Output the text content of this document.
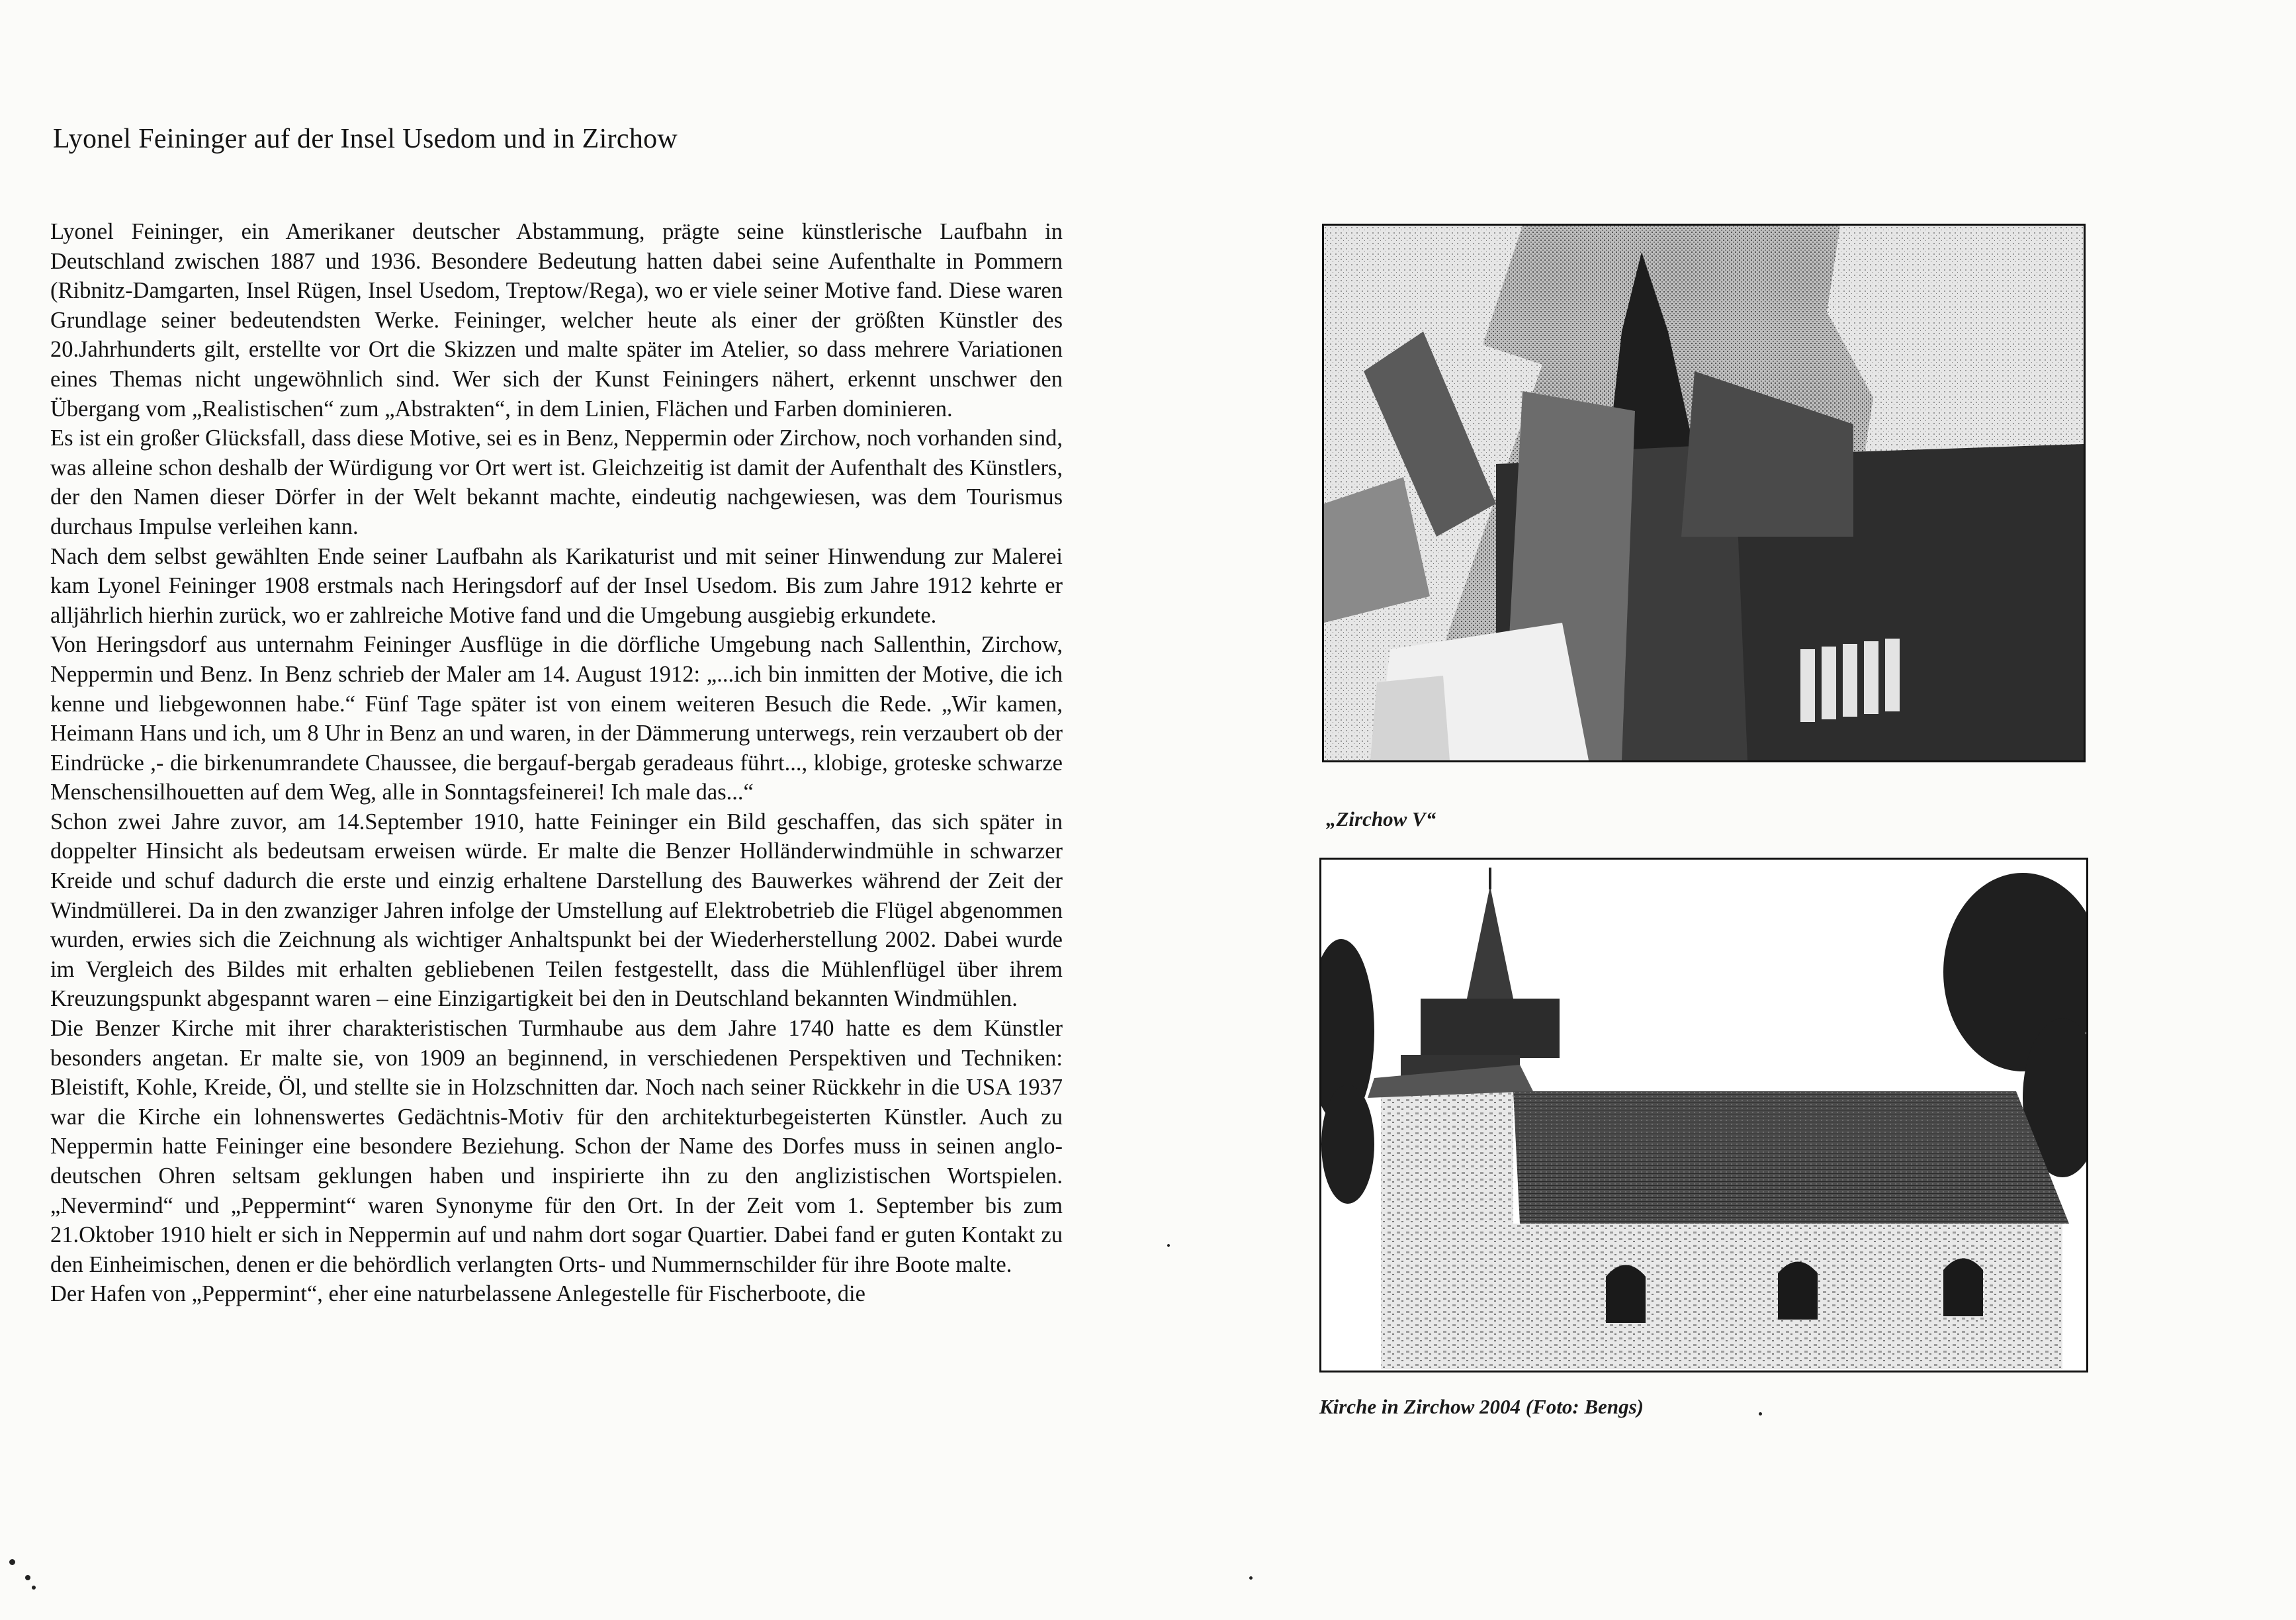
Lyonel Feininger auf der Insel Usedom und in Zirchow

Lyonel Feininger, ein Amerikaner deutscher Abstammung, prägte seine künstlerische Laufbahn in Deutschland zwischen 1887 und 1936. Besondere Bedeutung hatten dabei seine Aufenthalte in Pommern (Ribnitz-Damgarten, Insel Rügen, Insel Usedom, Treptow/Rega), wo er viele seiner Motive fand. Diese waren Grundlage seiner bedeutendsten Werke. Feininger, welcher heute als einer der größten Künstler des 20.Jahrhunderts gilt, erstellte vor Ort die Skizzen und malte später im Atelier, so dass mehrere Variationen eines Themas nicht ungewöhnlich sind. Wer sich der Kunst Feiningers nähert, erkennt unschwer den Übergang vom „Realistischen“ zum „Abstrakten“, in dem Linien, Flächen und Farben dominieren.

Es ist ein großer Glücksfall, dass diese Motive, sei es in Benz, Neppermin oder Zirchow, noch vorhanden sind, was alleine schon deshalb der Würdigung vor Ort wert ist. Gleichzeitig ist damit der Aufenthalt des Künstlers, der den Namen dieser Dörfer in der Welt bekannt machte, eindeutig nachgewiesen, was dem Tourismus durchaus Impulse verleihen kann.

Nach dem selbst gewählten Ende seiner Laufbahn als Karikaturist und mit seiner Hinwendung zur Malerei kam Lyonel Feininger 1908 erstmals nach Heringsdorf auf der Insel Usedom. Bis zum Jahre 1912 kehrte er alljährlich hierhin zurück, wo er zahlreiche Motive fand und die Umgebung ausgiebig erkundete.

Von Heringsdorf aus unternahm Feininger Ausflüge in die dörfliche Umgebung nach Sallenthin, Zirchow, Neppermin und Benz. In Benz schrieb der Maler am 14. August 1912: „...ich bin inmitten der Motive, die ich kenne und liebgewonnen habe.“ Fünf Tage später ist von einem weiteren Besuch die Rede. „Wir kamen, Heimann Hans und ich, um 8 Uhr in Benz an und waren, in der Dämmerung unterwegs, rein verzaubert ob der Eindrücke ,- die birkenumrandete Chaussee, die bergauf-bergab geradeaus führt..., klobige, groteske schwarze Menschensilhouetten auf dem Weg, alle in Sonntagsfeinerei! Ich male das...“

Schon zwei Jahre zuvor, am 14.September 1910, hatte Feininger ein Bild geschaffen, das sich später in doppelter Hinsicht als bedeutsam erweisen würde. Er malte die Benzer Holländerwindmühle in schwarzer Kreide und schuf dadurch die erste und einzig erhaltene Darstellung des Bauwerkes während der Zeit der Windmüllerei. Da in den zwanziger Jahren infolge der Umstellung auf Elektrobetrieb die Flügel abgenommen wurden, erwies sich die Zeichnung als wichtiger Anhaltspunkt bei der Wiederherstellung 2002. Dabei wurde im Vergleich des Bildes mit erhalten gebliebenen Teilen festgestellt, dass die Mühlenflügel über ihrem Kreuzungspunkt abgespannt waren – eine Einzigartigkeit bei den in Deutschland bekannten Windmühlen.

Die Benzer Kirche mit ihrer charakteristischen Turmhaube aus dem Jahre 1740 hatte es dem Künstler besonders angetan. Er malte sie, von 1909 an beginnend, in verschiedenen Perspektiven und Techniken: Bleistift, Kohle, Kreide, Öl, und stellte sie in Holzschnitten dar. Noch nach seiner Rückkehr in die USA 1937 war die Kirche ein lohnenswertes Gedächtnis-Motiv für den architekturbegeisterten Künstler. Auch zu Neppermin hatte Feininger eine besondere Beziehung. Schon der Name des Dorfes muss in seinen anglo-deutschen Ohren seltsam geklungen haben und inspirierte ihn zu den anglizistischen Wortspielen. „Nevermind“ und „Peppermint“ waren Synonyme für den Ort. In der Zeit vom 1. September bis zum 21.Oktober 1910 hielt er sich in Neppermin auf und nahm dort sogar Quartier. Dabei fand er guten Kontakt zu den Einheimischen, denen er die behördlich verlangten Orts- und Nummernschilder für ihre Boote malte.

Der Hafen von „Peppermint“, eher eine naturbelassene Anlegestelle für Fischerboote, die

„Zirchow V“
Kirche in Zirchow 2004 (Foto: Bengs)
